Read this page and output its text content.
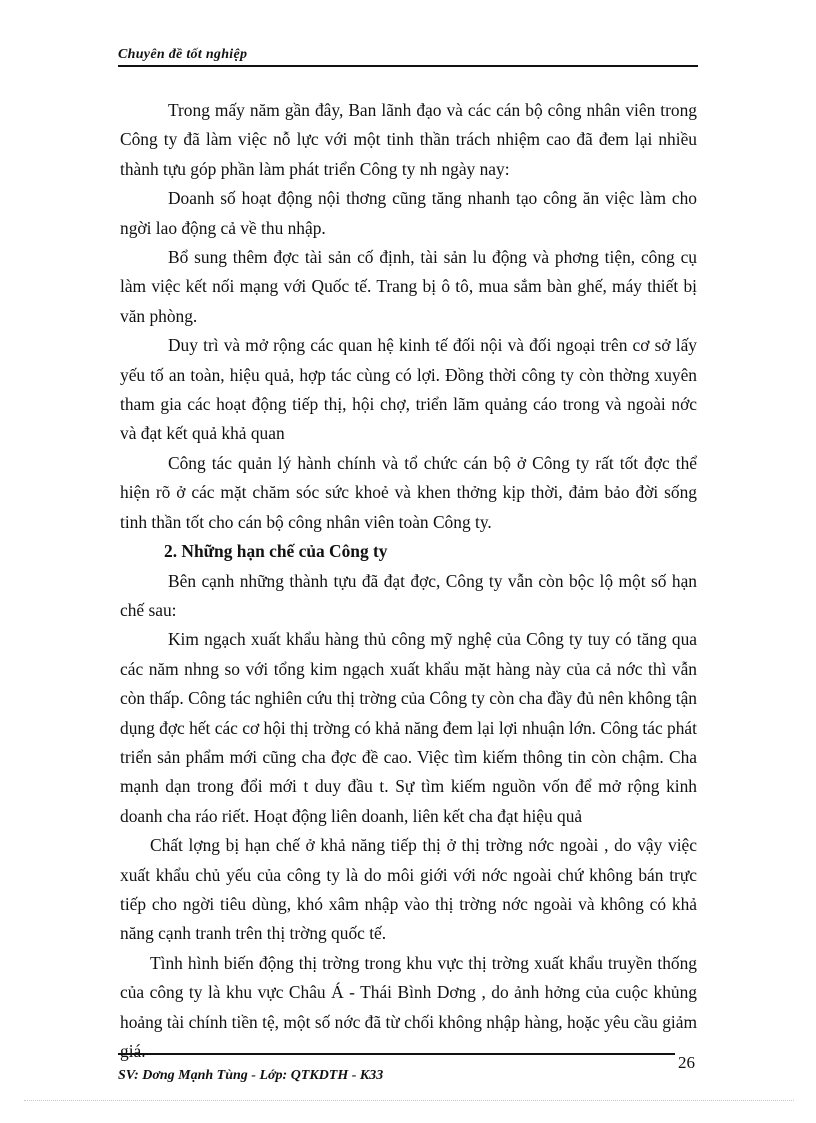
Chuyên đề tốt nghiệp

Trong mấy năm gần đây, Ban lãnh đạo và các cán bộ công nhân viên trong Công ty đã làm việc nỗ lực với một tinh thần trách nhiệm cao đã đem lại nhiều thành tựu góp phần làm phát triển Công ty nh ngày nay:

Doanh số hoạt động nội thơng cũng tăng nhanh tạo công ăn việc làm cho ngời lao động cả về thu nhập.

Bổ sung thêm đợc tài sản cố định, tài sản lu động và phơng tiện, công cụ làm việc kết nối mạng với Quốc tế. Trang bị ô tô, mua sắm bàn ghế, máy thiết bị văn phòng.

Duy trì và mở rộng các quan hệ kinh tế đối nội và đối ngoại trên cơ sở lấy yếu tố an toàn, hiệu quả, hợp tác cùng có lợi. Đồng thời công ty còn thờng xuyên tham gia các hoạt động tiếp thị, hội chợ, triển lãm quảng cáo trong và ngoài nớc và đạt kết quả khả quan

Công tác quản lý hành chính và tổ chức cán bộ ở Công ty rất tốt đợc thể hiện rõ ở các mặt chăm sóc sức khoẻ và khen thởng kịp thời, đảm bảo đời sống tinh thần tốt cho cán bộ công nhân viên toàn Công ty.

2. Những hạn chế của Công ty

Bên cạnh những thành tựu đã đạt đợc, Công ty vẫn còn bộc lộ một số hạn chế sau:

Kim ngạch xuất khẩu hàng thủ công mỹ nghệ của Công ty tuy có tăng qua các năm nhng so với tổng kim ngạch xuất khẩu mặt hàng này của cả nớc thì vẫn còn thấp. Công tác nghiên cứu thị trờng của Công ty còn cha đầy đủ nên không tận dụng đợc hết các cơ hội thị trờng có khả năng đem lại lợi nhuận lớn. Công tác phát triển sản phẩm mới cũng cha đợc đề cao. Việc tìm kiếm thông tin còn chậm. Cha mạnh dạn trong đổi mới t duy đầu t. Sự tìm kiếm nguồn vốn để mở rộng kinh doanh cha ráo riết. Hoạt động liên doanh, liên kết cha đạt hiệu quả

Chất lợng bị hạn chế ở khả năng tiếp thị ở thị trờng nớc ngoài , do vậy việc xuất khẩu chủ yếu của công ty là do môi giới với nớc ngoài chứ không bán trực tiếp cho ngời tiêu dùng, khó xâm nhập vào thị trờng nớc ngoài và không có khả năng cạnh tranh trên thị trờng quốc tế.

Tình hình biến động thị trờng trong khu vực thị trờng xuất khẩu truyền thống của công ty là khu vực Châu Á - Thái Bình Dơng , do ảnh hởng của cuộc khủng hoảng tài chính tiền tệ, một số nớc đã từ chối không nhập hàng, hoặc yêu cầu giảm giá.

SV: Dơng Mạnh Tùng - Lớp: QTKDTH - K33
26
